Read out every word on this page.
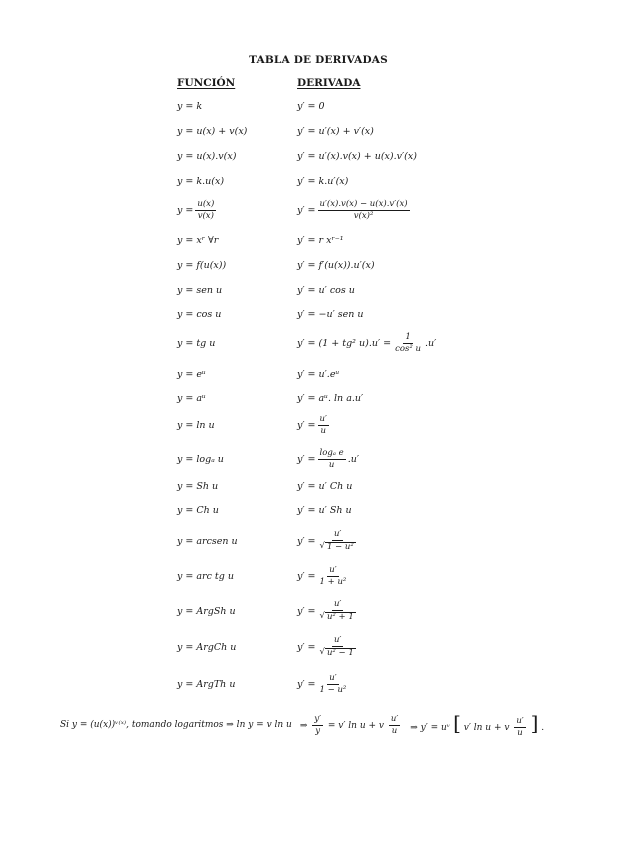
TABLA DE DERIVADAS
FUNCIÓN	DERIVADA
y = k	y′ = 0
y = u(x) + v(x)	y′ = u′(x) + v′(x)
y = u(x).v(x)	y′ = u′(x).v(x) + u(x).v′(x)
y = k.u(x)	y′ = k.u′(x)
$y = \frac{u(x)}{v(x)}$	$y' = \frac{u'(x).v(x) - u(x).v'(x)}{\text{v(x)²}}$
y = xʳ ∀r	y′ = r xʳ⁻¹
y = f(u(x))	y′ = f′(u(x)).u′(x)
y = sen u	y′ = u′ cos u
y = cos u	y′ = −u′ sen u
y = tg u	y′ = (1 + tg² $u).u' = \frac{1}{\text{cos² u}} .u'$
y = eᵘ	y′ = u′.eᵘ
y = aᵘ	y′ = aᵘ. ln a.u′
y = ln u	$y' = \frac{u'}{u}$
y = logₐ u	$y' = \frac{\text{logₐ e}}{u} .u'$
y = Sh u	y′ = u′ Ch u
y = Ch u	y′ = u′ Sh u
y = arcsen u	$y' = \frac{u'}{\text{√ 1 − u²}}$
y = arc tg u	$y' = \frac{u'}{\text{1 + u²}}$
y = ArgSh u	$y' = \frac{u'}{\text{√ u² + 1}}$
y = ArgCh u	$y' = \frac{u'}{\text{√ u² − 1}}$
y = ArgTh u	$y' = \frac{u'}{\text{1 − u²}}$
Si y = (u(x))ᵛ⁽ˣ⁾, tomando logaritmos ⇒ ln y = v ln u ⇒ $\frac{y'}{y} = v'$ ln u + v $\frac{u'}{u}$ ⇒ y′ = uᵛ [ v′ ln u + v $\frac{u'}{u}$ ] .
